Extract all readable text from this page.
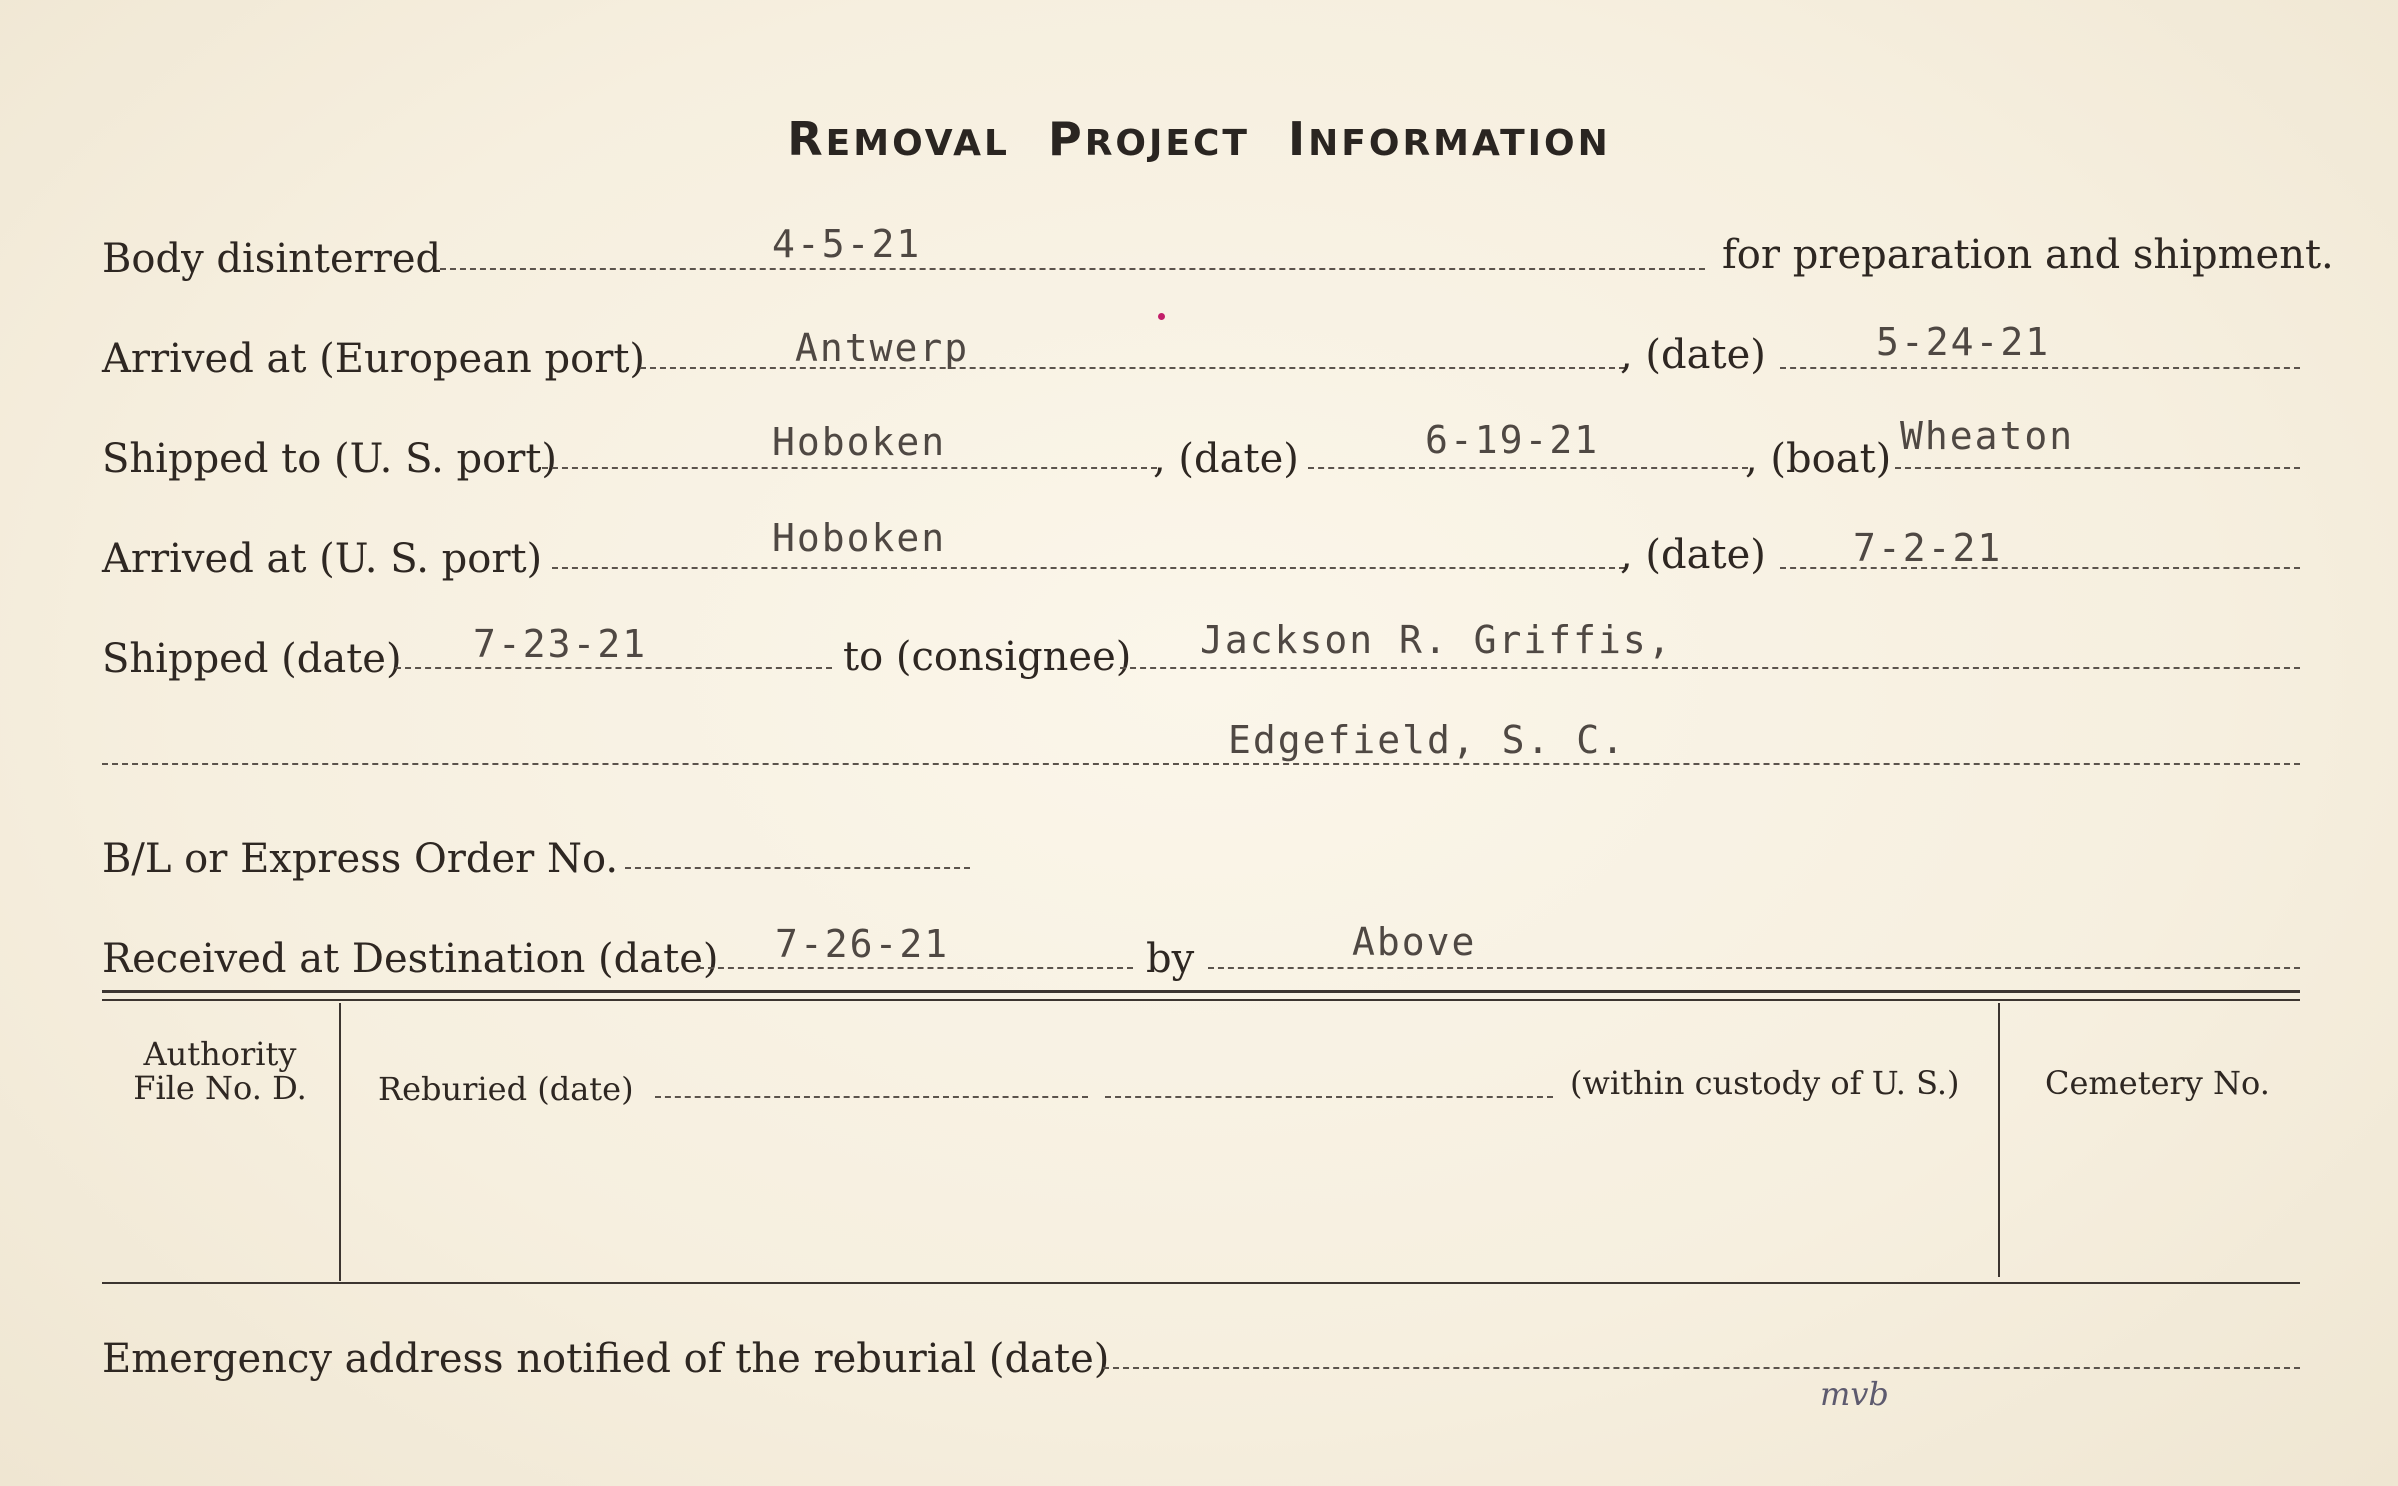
REMOVAL PROJECT INFORMATION
Body disinterred	4-5-21	for preparation and shipment.
Arrived at (European port)	Antwerp	, (date)	5-24-21
Shipped to (U. S. port)	Hoboken	, (date)	6-19-21	, (boat) Wheaton
Arrived at (U. S. port)	Hoboken	, (date) 7-2-21
Shipped (date) 7-23-21	to (consignee) Jackson R. Griffis,
Edgefield, S. C.
B/L or Express Order No.
Received at Destination (date) 7-26-21	by	Above
Authority
File No. D.	Reburied (date)	(within custody of U. S.)	Cemetery No.
Emergency address notified of the reburial (date)
mvb
